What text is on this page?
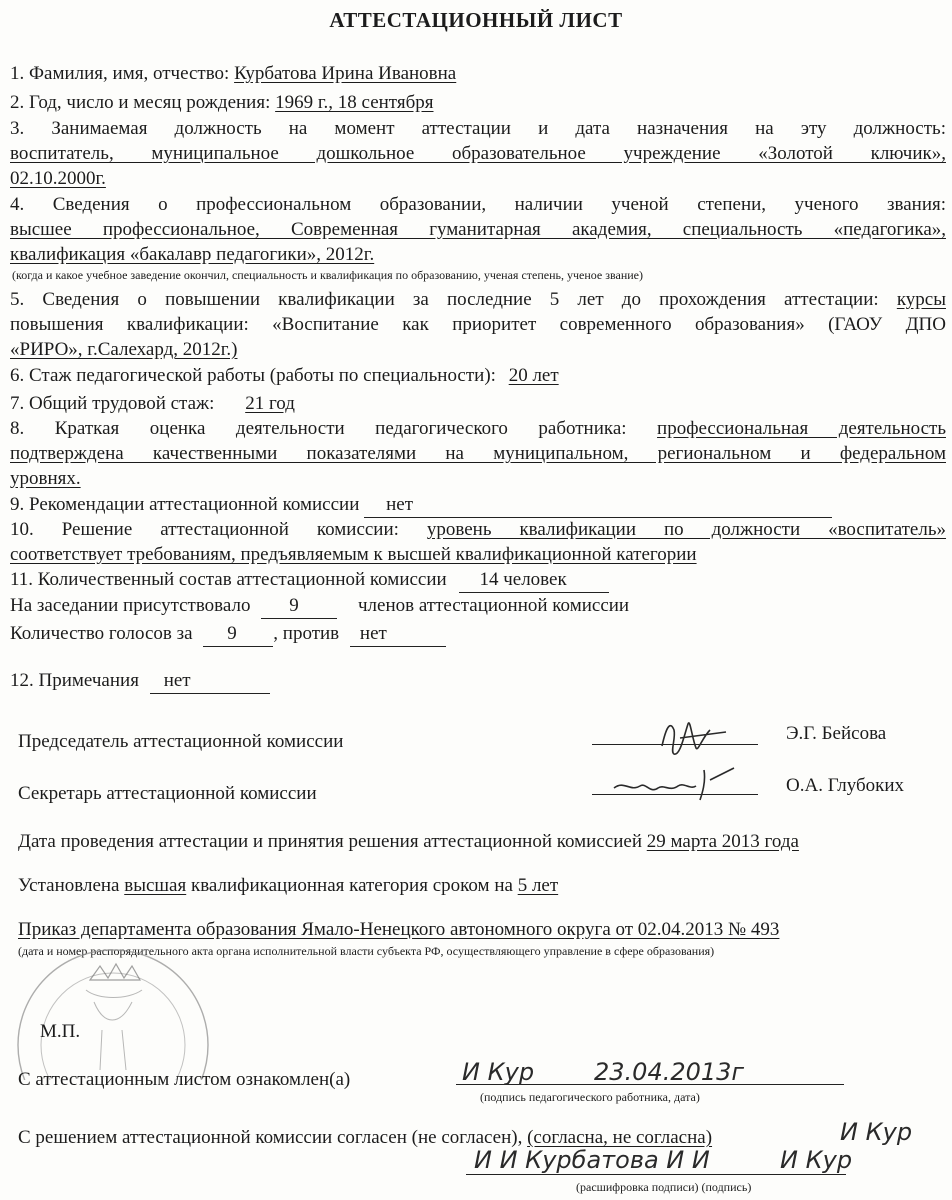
АТТЕСТАЦИОННЫЙ ЛИСТ
1. Фамилия, имя, отчество: Курбатова Ирина Ивановна
2. Год, число и месяц рождения: 1969 г., 18 сентября
3. Занимаемая должность на момент аттестации и дата назначения на эту должность:
воспитатель, муниципальное дошкольное образовательное учреждение «Золотой ключик»,
02.10.2000г.
4. Сведения о профессиональном образовании, наличии ученой степени, ученого звания:
высшее профессиональное, Современная гуманитарная академия, специальность «педагогика»,
квалификация «бакалавр педагогики», 2012г.
(когда и какое учебное заведение окончил, специальность и квалификация по образованию, ученая степень, ученое звание)
5. Сведения о повышении квалификации за последние 5 лет до прохождения аттестации: курсы
повышения квалификации: «Воспитание как приоритет современного образования» (ГАОУ ДПО
«РИРО», г.Салехард, 2012г.)
6. Стаж педагогической работы (работы по специальности): 20 лет
7. Общий трудовой стаж: 21 год
8. Краткая оценка деятельности педагогического работника: профессиональная деятельность
подтверждена качественными показателями на муниципальном, региональном и федеральном
уровнях.
9. Рекомендации аттестационной комиссии нет
10. Решение аттестационной комиссии: уровень квалификации по должности «воспитатель»
соответствует требованиям, предъявляемым к высшей квалификационной категории
11. Количественный состав аттестационной комиссии 14 человек
На заседании присутствовало 9	членов аттестационной комиссии
Количество голосов за 9 , против нет
12. Примечания нет
Председатель аттестационной комиссии	Э.Г. Бейсова
Секретарь аттестационной комиссии	О.А. Глубоких
Дата проведения аттестации и принятия решения аттестационной комиссией 29 марта 2013 года
Установлена высшая квалификационная категория сроком на 5 лет
Приказ департамента образования Ямало-Ненецкого автономного округа от 02.04.2013 № 493
(дата и номер распорядительного акта органа исполнительной власти субъекта РФ, осуществляющего управление в сфере образования)
М.П.
С аттестационным листом ознакомлен(а)	И Кур 23.04.2013г
(подпись педагогического работника, дата)
С решением аттестационной комиссии согласен (не согласен), (согласна, не согласна)	И Кур
И И Курбатова И И	И Кур
(расшифровка подписи) (подпись)
